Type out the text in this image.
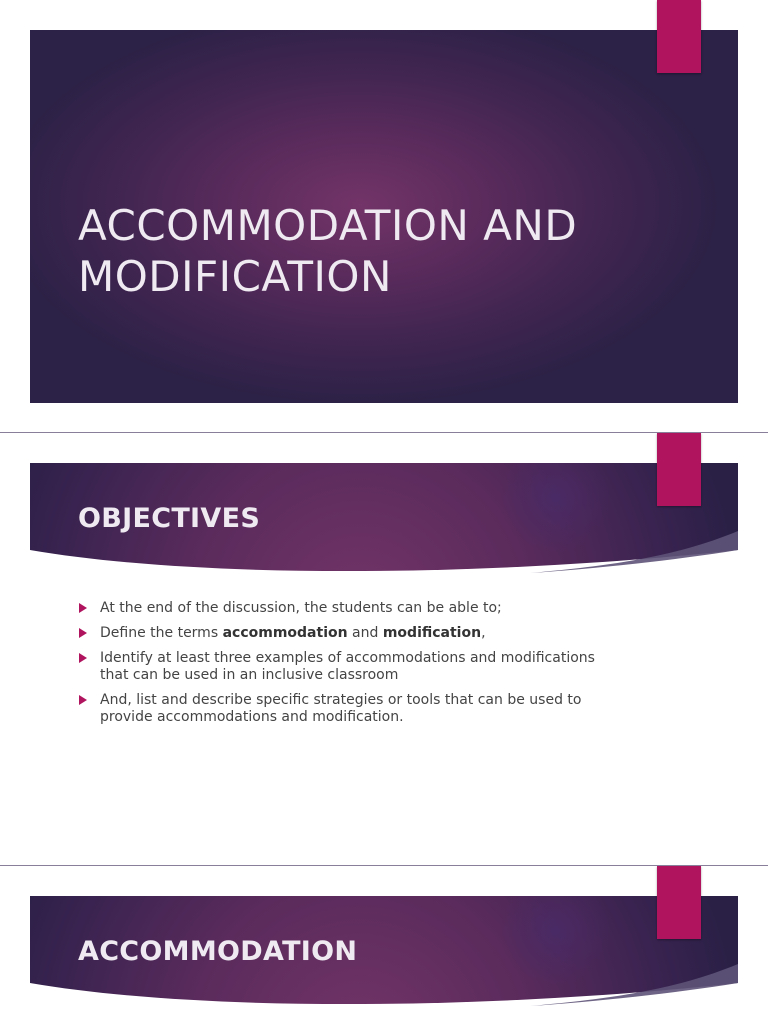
ACCOMMODATION AND
MODIFICATION
OBJECTIVES
At the end of the discussion, the students can be able to;
Define the terms accommodation and modification,
Identify at least three examples of accommodations and modifications
that can be used in an inclusive classroom
And, list and describe specific strategies or tools that can be used to
provide accommodations and modification.
ACCOMMODATION
